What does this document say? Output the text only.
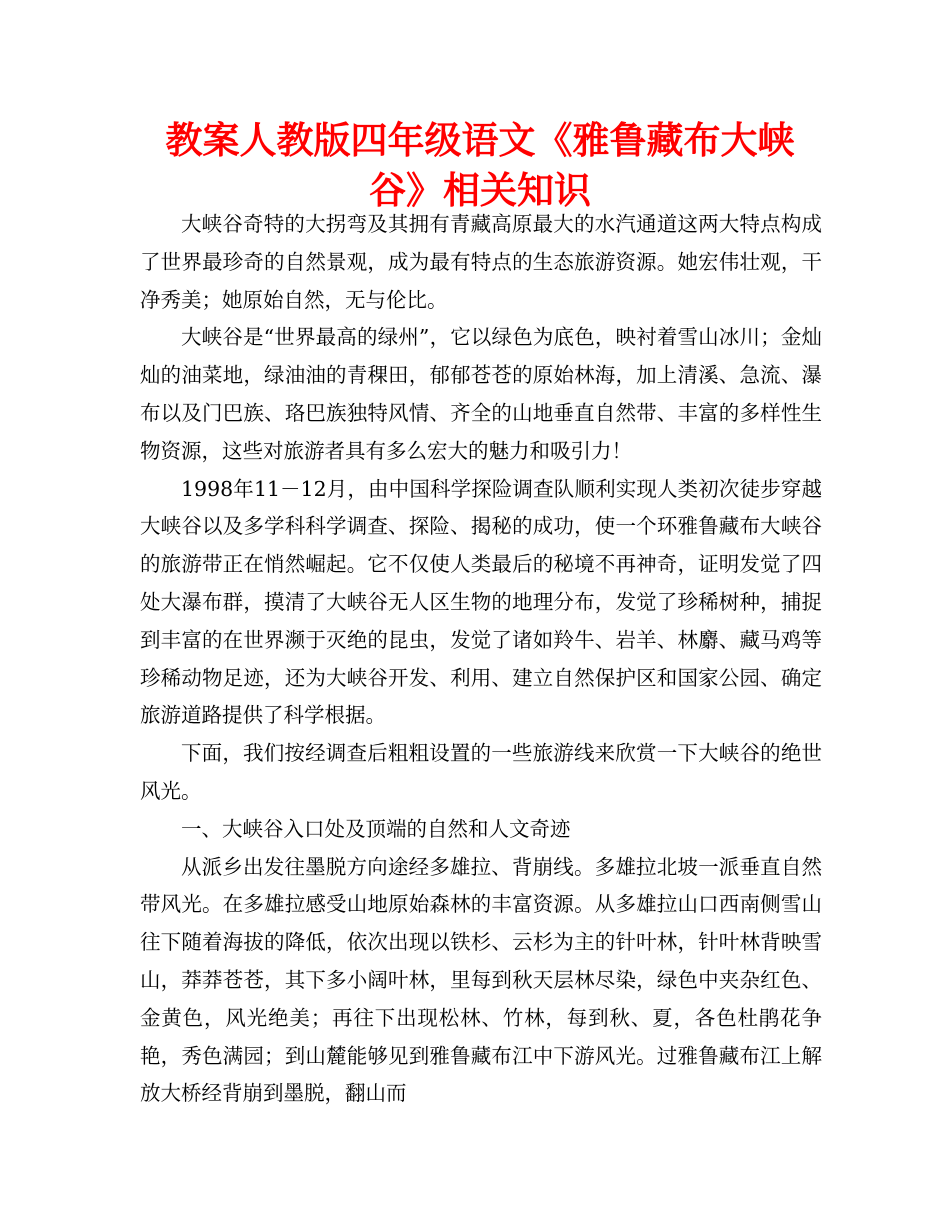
教案人教版四年级语文《雅鲁藏布大峡
谷》相关知识

大峡谷奇特的大拐弯及其拥有青藏高原最大的水汽通道这两大特点构成了世界最珍奇的自然景观，成为最有特点的生态旅游资源。她宏伟壮观，干净秀美；她原始自然，无与伦比。

大峡谷是“世界最高的绿州”，它以绿色为底色，映衬着雪山冰川；金灿灿的油菜地，绿油油的青稞田，郁郁苍苍的原始林海，加上清溪、急流、瀑布以及门巴族、珞巴族独特风情、齐全的山地垂直自然带、丰富的多样性生物资源，这些对旅游者具有多么宏大的魅力和吸引力！

1998年11－12月，由中国科学探险调查队顺利实现人类初次徒步穿越大峡谷以及多学科科学调查、探险、揭秘的成功，使一个环雅鲁藏布大峡谷的旅游带正在悄然崛起。它不仅使人类最后的秘境不再神奇，证明发觉了四处大瀑布群，摸清了大峡谷无人区生物的地理分布，发觉了珍稀树种，捕捉到丰富的在世界濒于灭绝的昆虫，发觉了诸如羚牛、岩羊、林麝、藏马鸡等珍稀动物足迹，还为大峡谷开发、利用、建立自然保护区和国家公园、确定旅游道路提供了科学根据。

下面，我们按经调查后粗粗设置的一些旅游线来欣赏一下大峡谷的绝世风光。

一、大峡谷入口处及顶端的自然和人文奇迹

从派乡出发往墨脱方向途经多雄拉、背崩线。多雄拉北坡一派垂直自然带风光。在多雄拉感受山地原始森林的丰富资源。从多雄拉山口西南侧雪山往下随着海拔的降低，依次出现以铁杉、云杉为主的针叶林，针叶林背映雪山，莽莽苍苍，其下多小阔叶林，里每到秋天层林尽染，绿色中夹杂红色、金黄色，风光绝美；再往下出现松林、竹林，每到秋、夏，各色杜鹃花争艳，秀色满园；到山麓能够见到雅鲁藏布江中下游风光。过雅鲁藏布江上解放大桥经背崩到墨脱，翻山而
